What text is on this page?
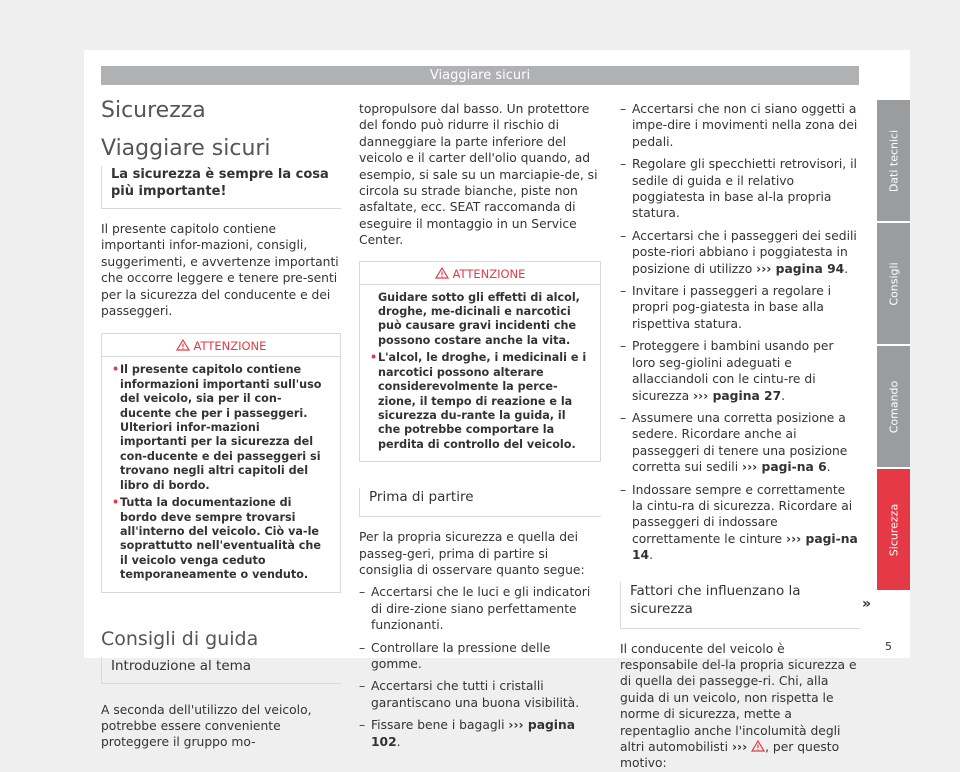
Viaggiare sicuri
Sicurezza
Viaggiare sicuri
La sicurezza è sempre la cosa più importante!

Il presente capitolo contiene importanti infor-mazioni, consigli, suggerimenti, e avvertenze importanti che occorre leggere e tenere pre-senti per la sicurezza del conducente e dei passeggeri.

ATTENZIONE
• Il presente capitolo contiene informazioni importanti sull'uso del veicolo, sia per il con-ducente che per i passeggeri. Ulteriori infor-mazioni importanti per la sicurezza del con-ducente e dei passeggeri si trovano negli altri capitoli del libro di bordo.
• Tutta la documentazione di bordo deve sempre trovarsi all'interno del veicolo. Ciò va-le soprattutto nell'eventualità che il veicolo venga ceduto temporaneamente o venduto.
Consigli di guida
Introduzione al tema

A seconda dell'utilizzo del veicolo, potrebbe essere conveniente proteggere il gruppo mo-

topropulsore dal basso. Un protettore del fondo può ridurre il rischio di danneggiare la parte inferiore del veicolo e il carter dell'olio quando, ad esempio, si sale su un marciapie-de, si circola su strade bianche, piste non asfaltate, ecc. SEAT raccomanda di eseguire il montaggio in un Service Center.

ATTENZIONE
Guidare sotto gli effetti di alcol, droghe, me-dicinali e narcotici può causare gravi incidenti che possono costare anche la vita.
• L'alcol, le droghe, i medicinali e i narcotici possono alterare considerevolmente la perce-zione, il tempo di reazione e la sicurezza du-rante la guida, il che potrebbe comportare la perdita di controllo del veicolo.
Prima di partire

Per la propria sicurezza e quella dei passeg-geri, prima di partire si consiglia di osservare quanto segue:

– Accertarsi che le luci e gli indicatori di dire-zione siano perfettamente funzionanti.
– Controllare la pressione delle gomme.
– Accertarsi che tutti i cristalli garantiscano una buona visibilità.
– Fissare bene i bagagli ››› pagina 102.
– Accertarsi che non ci siano oggetti a impe-dire i movimenti nella zona dei pedali.
– Regolare gli specchietti retrovisori, il sedile di guida e il relativo poggiatesta in base al-la propria statura.
– Accertarsi che i passeggeri dei sedili poste-riori abbiano i poggiatesta in posizione di utilizzo ››› pagina 94.
– Invitare i passeggeri a regolare i propri pog-giatesta in base alla rispettiva statura.
– Proteggere i bambini usando per loro seg-giolini adeguati e allacciandoli con le cintu-re di sicurezza ››› pagina 27.
– Assumere una corretta posizione a sedere. Ricordare anche ai passeggeri di tenere una posizione corretta sui sedili ››› pagi-na 6.
– Indossare sempre e correttamente la cintu-ra di sicurezza. Ricordare ai passeggeri di indossare correttamente le cinture ››› pagi-na 14.
Fattori che influenzano la sicurezza

Il conducente del veicolo è responsabile del-la propria sicurezza e di quella dei passegge-ri. Chi, alla guida di un veicolo, non rispetta le norme di sicurezza, mette a repentaglio anche l'incolumità degli altri automobilisti ››› , per questo motivo:

»
Dati tecnici
Consigli
Comando
Sicurezza
5
